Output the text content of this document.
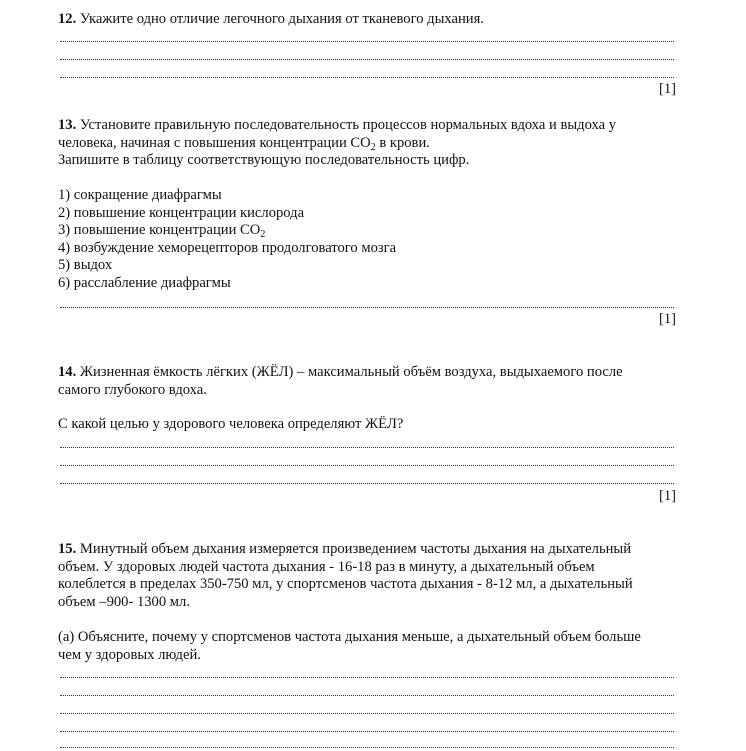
12. Укажите одно отличие легочного дыхания от тканевого дыхания.
[1]
13. Установите правильную последовательность процессов нормальных вдоха и выдоха у
человека, начиная с повышения концентрации $CO_2$ в крови.
Запишите в таблицу соответствующую последовательность цифр.
1) сокращение диафрагмы
2) повышение концентрации кислорода
3) повышение концентрации $CO_2$
4) возбуждение хеморецепторов продолговатого мозга
5) выдох
6) расслабление диафрагмы
[1]
14. Жизненная ёмкость лёгких (ЖЁЛ) – максимальный объём воздуха, выдыхаемого после
самого глубокого вдоха.
С какой целью у здорового человека определяют ЖЁЛ?
[1]
15. Минутный объем дыхания измеряется произведением частоты дыхания на дыхательный
объем. У здоровых людей частота дыхания - 16-18 раз в минуту, а дыхательный объем
колеблется в пределах 350-750 мл, у спортсменов частота дыхания - 8-12 мл, а дыхательный
объем –900- 1300 мл.
(a) Объясните, почему у спортсменов частота дыхания меньше, а дыхательный объем больше
чем у здоровых людей.
